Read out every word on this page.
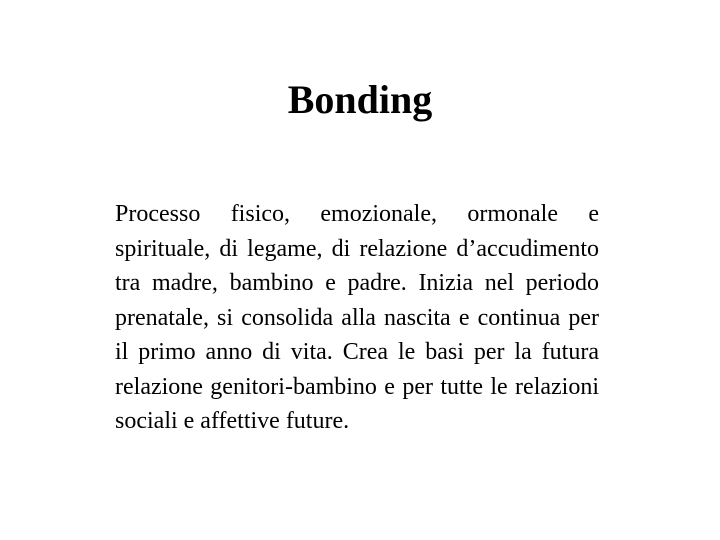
Bonding

Processo fisico, emozionale, ormonale e spirituale, di legame, di relazione d’accudimento tra madre, bambino e padre. Inizia nel periodo prenatale, si consolida alla nascita e continua per il primo anno di vita. Crea le basi per la futura relazione genitori-bambino e per tutte le relazioni sociali e affettive future.
